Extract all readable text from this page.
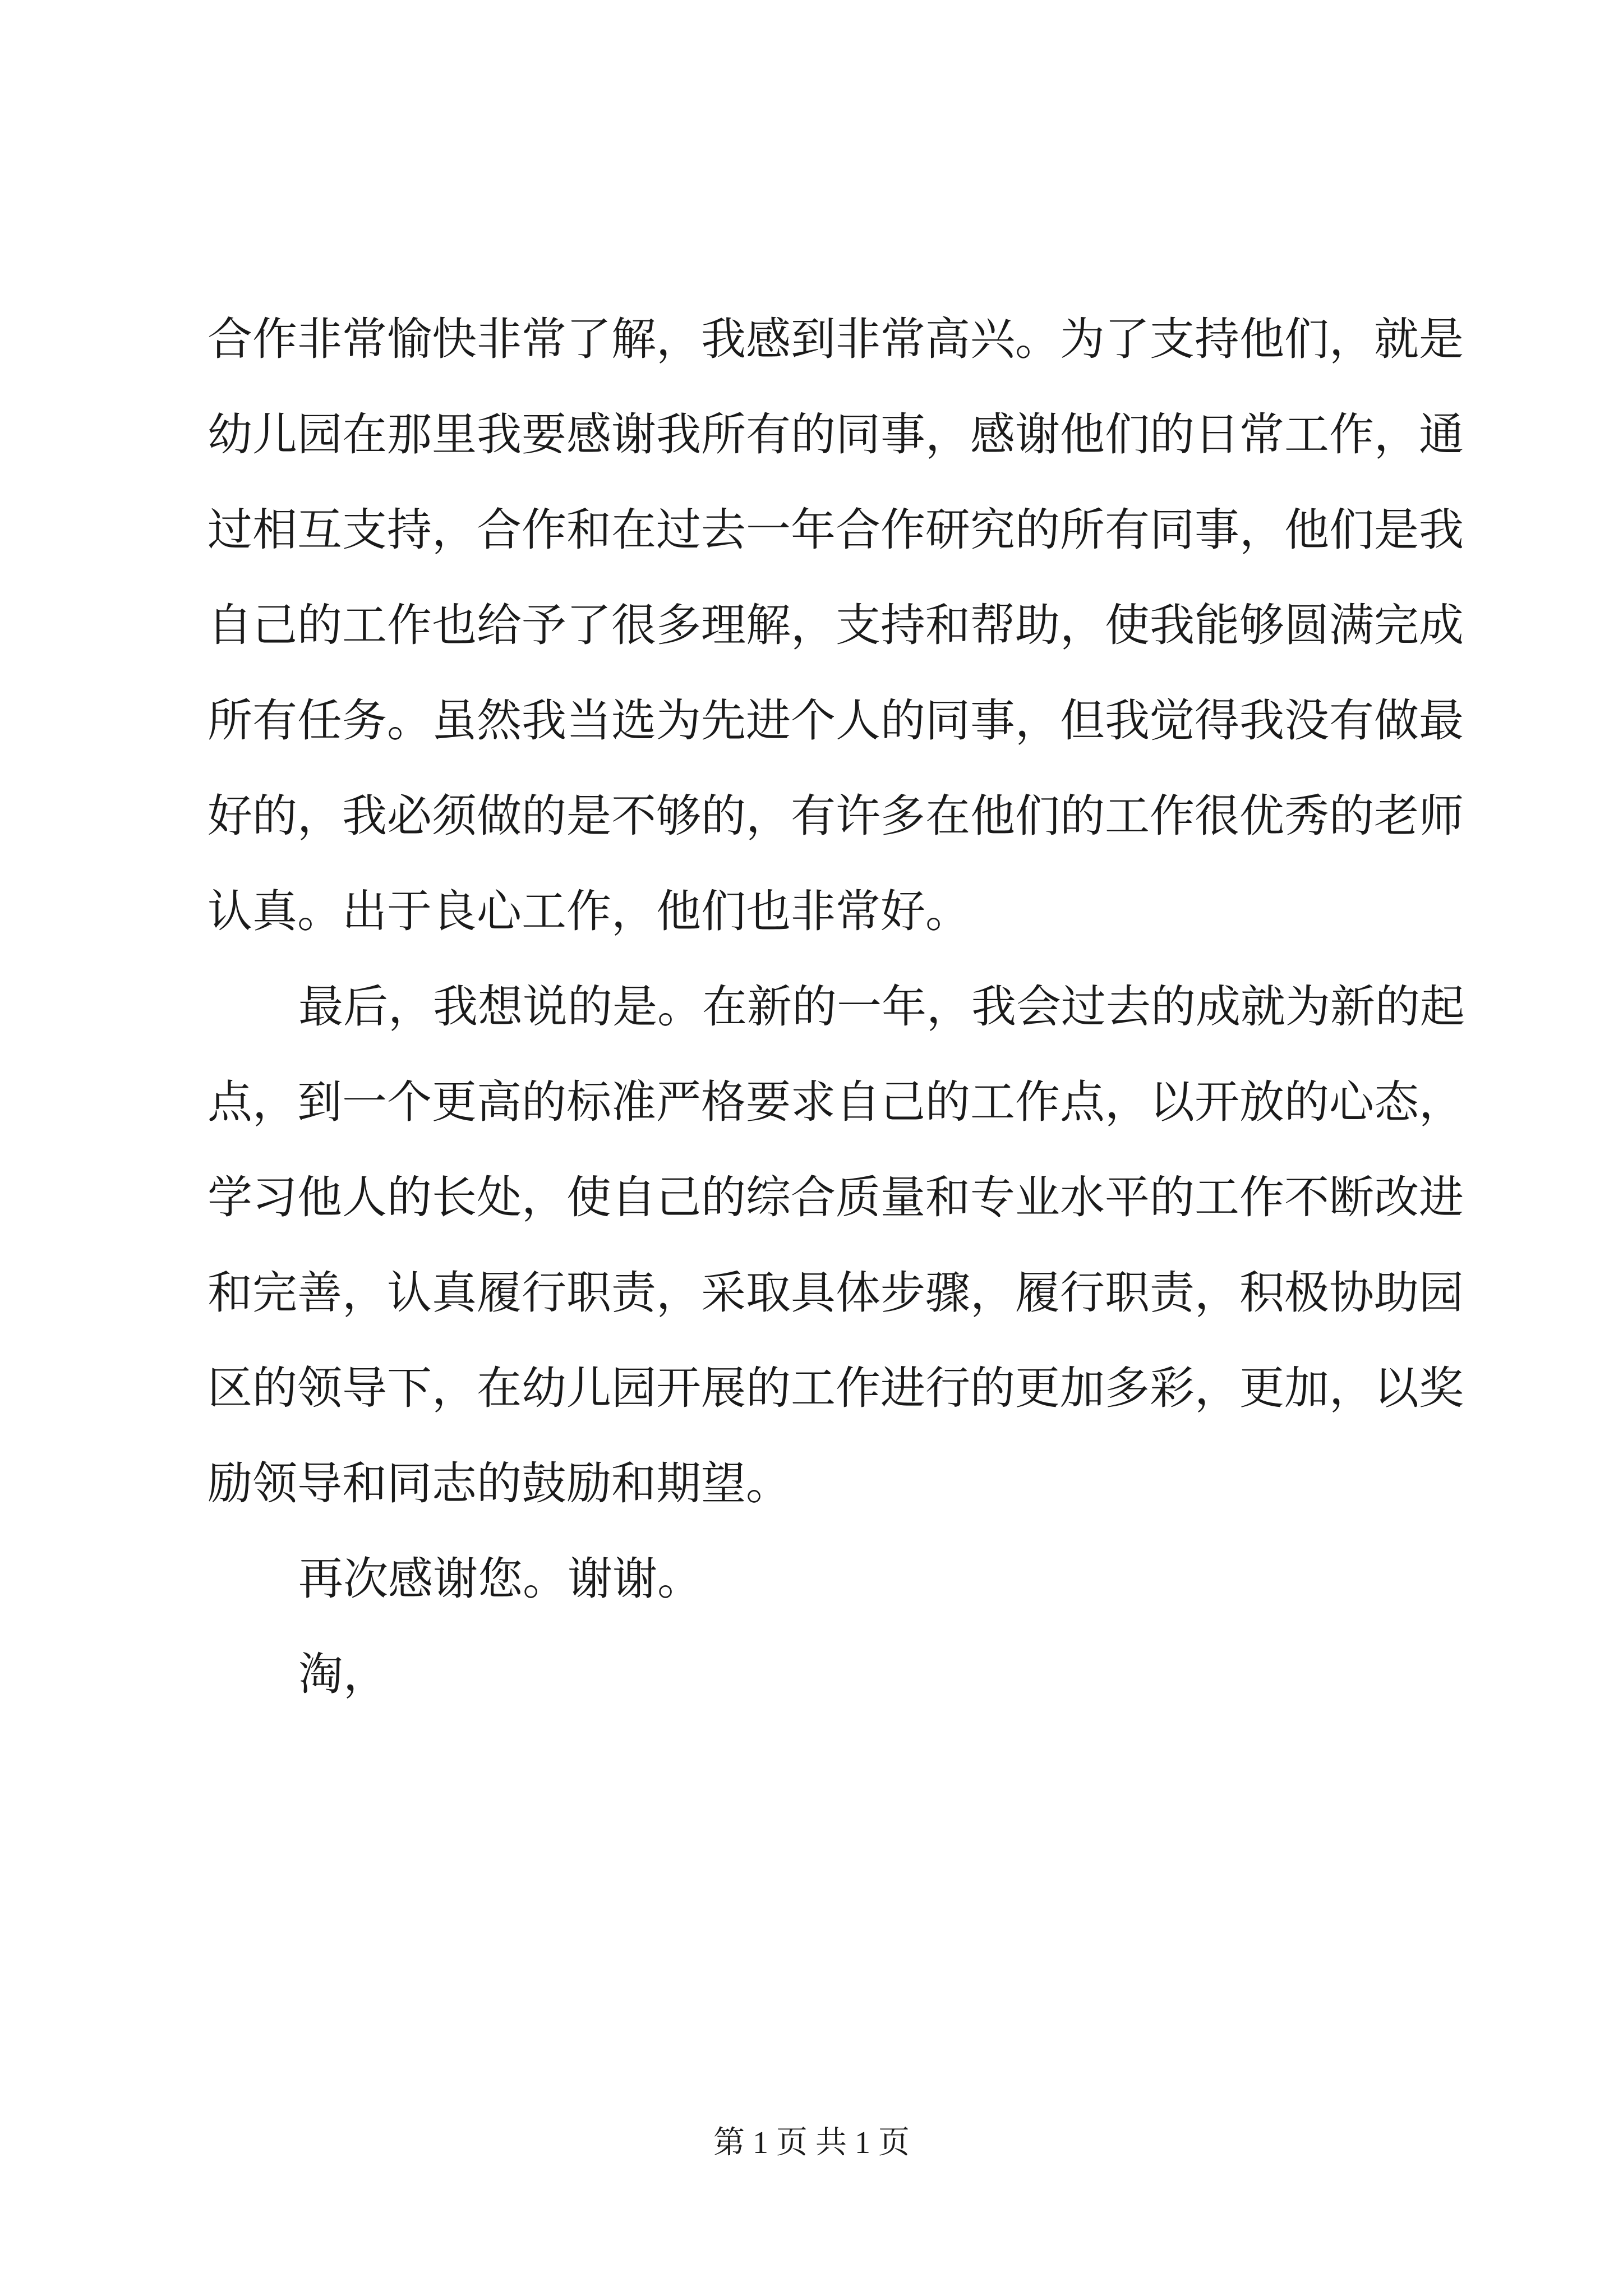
合作非常愉快非常了解，我感到非常高兴。为了支持他们，就是
幼儿园在那里我要感谢我所有的同事，感谢他们的日常工作，通
过相互支持，合作和在过去一年合作研究的所有同事，他们是我
自己的工作也给予了很多理解，支持和帮助，使我能够圆满完成
所有任务。虽然我当选为先进个人的同事，但我觉得我没有做最
好的，我必须做的是不够的，有许多在他们的工作很优秀的老师
认真。出于良心工作，他们也非常好。
最后，我想说的是。在新的一年，我会过去的成就为新的起
点，到一个更高的标准严格要求自己的工作点，以开放的心态，
学习他人的长处，使自己的综合质量和专业水平的工作不断改进
和完善，认真履行职责，采取具体步骤，履行职责，积极协助园
区的领导下，在幼儿园开展的工作进行的更加多彩，更加，以奖
励领导和同志的鼓励和期望。
再次感谢您。谢谢。
淘，
第 1 页 共 1 页
